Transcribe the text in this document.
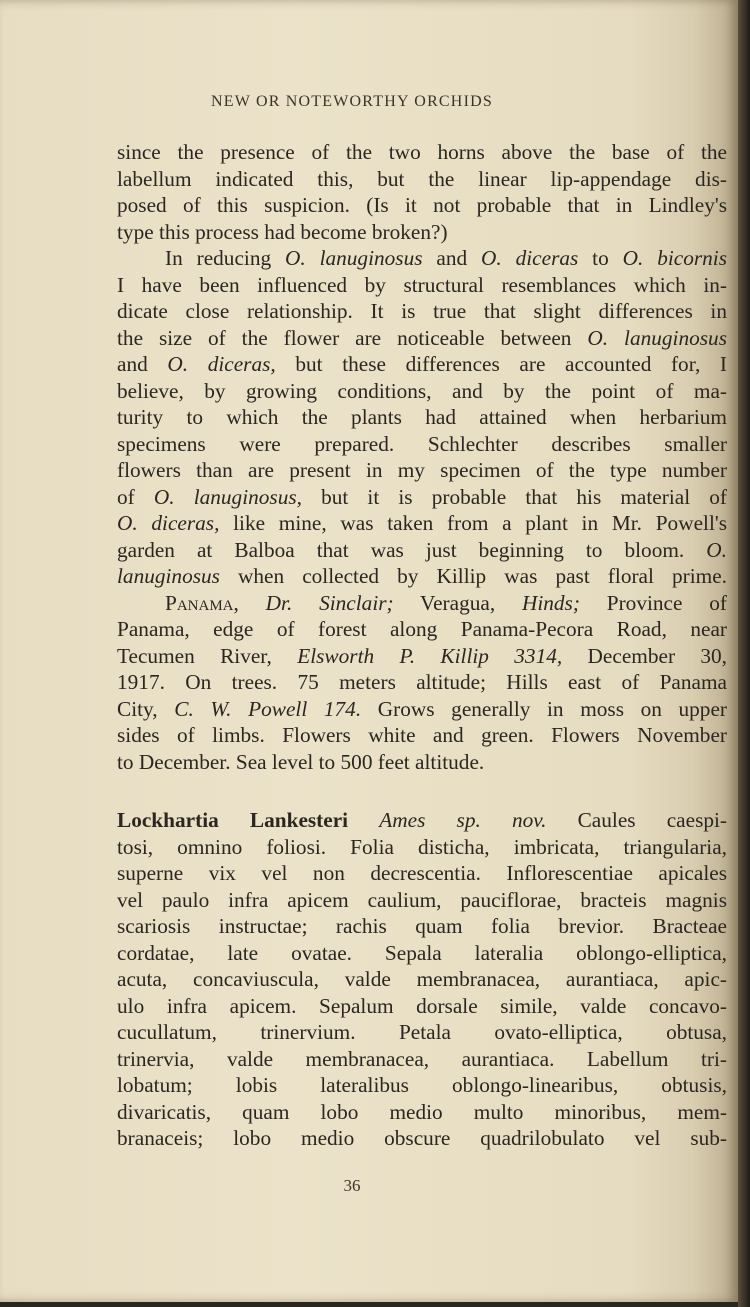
NEW OR NOTEWORTHY ORCHIDS
since the presence of the two horns above the base of the
labellum indicated this, but the linear lip-appendage dis-
posed of this suspicion. (Is it not probable that in Lindley's
type this process had become broken?)
In reducing O. lanuginosus and O. diceras to O. bicornis
I have been influenced by structural resemblances which in-
dicate close relationship. It is true that slight differences in
the size of the flower are noticeable between O. lanuginosus
and O. diceras, but these differences are accounted for, I
believe, by growing conditions, and by the point of ma-
turity to which the plants had attained when herbarium
specimens were prepared. Schlechter describes smaller
flowers than are present in my specimen of the type number
of O. lanuginosus, but it is probable that his material of
O. diceras, like mine, was taken from a plant in Mr. Powell's
garden at Balboa that was just beginning to bloom. O.
lanuginosus when collected by Killip was past floral prime.
Panama, Dr. Sinclair; Veragua, Hinds; Province of
Panama, edge of forest along Panama-Pecora Road, near
Tecumen River, Elsworth P. Killip 3314, December 30,
1917. On trees. 75 meters altitude; Hills east of Panama
City, C. W. Powell 174. Grows generally in moss on upper
sides of limbs. Flowers white and green. Flowers November
to December. Sea level to 500 feet altitude.
Lockhartia Lankesteri Ames sp. nov. Caules caespi-
tosi, omnino foliosi. Folia disticha, imbricata, triangularia,
superne vix vel non decrescentia. Inflorescentiae apicales
vel paulo infra apicem caulium, pauciflorae, bracteis magnis
scariosis instructae; rachis quam folia brevior. Bracteae
cordatae, late ovatae. Sepala lateralia oblongo-elliptica,
acuta, concaviuscula, valde membranacea, aurantiaca, apic-
ulo infra apicem. Sepalum dorsale simile, valde concavo-
cucullatum, trinervium. Petala ovato-elliptica, obtusa,
trinervia, valde membranacea, aurantiaca. Labellum tri-
lobatum; lobis lateralibus oblongo-linearibus, obtusis,
divaricatis, quam lobo medio multo minoribus, mem-
branaceis; lobo medio obscure quadrilobulato vel sub-
36
